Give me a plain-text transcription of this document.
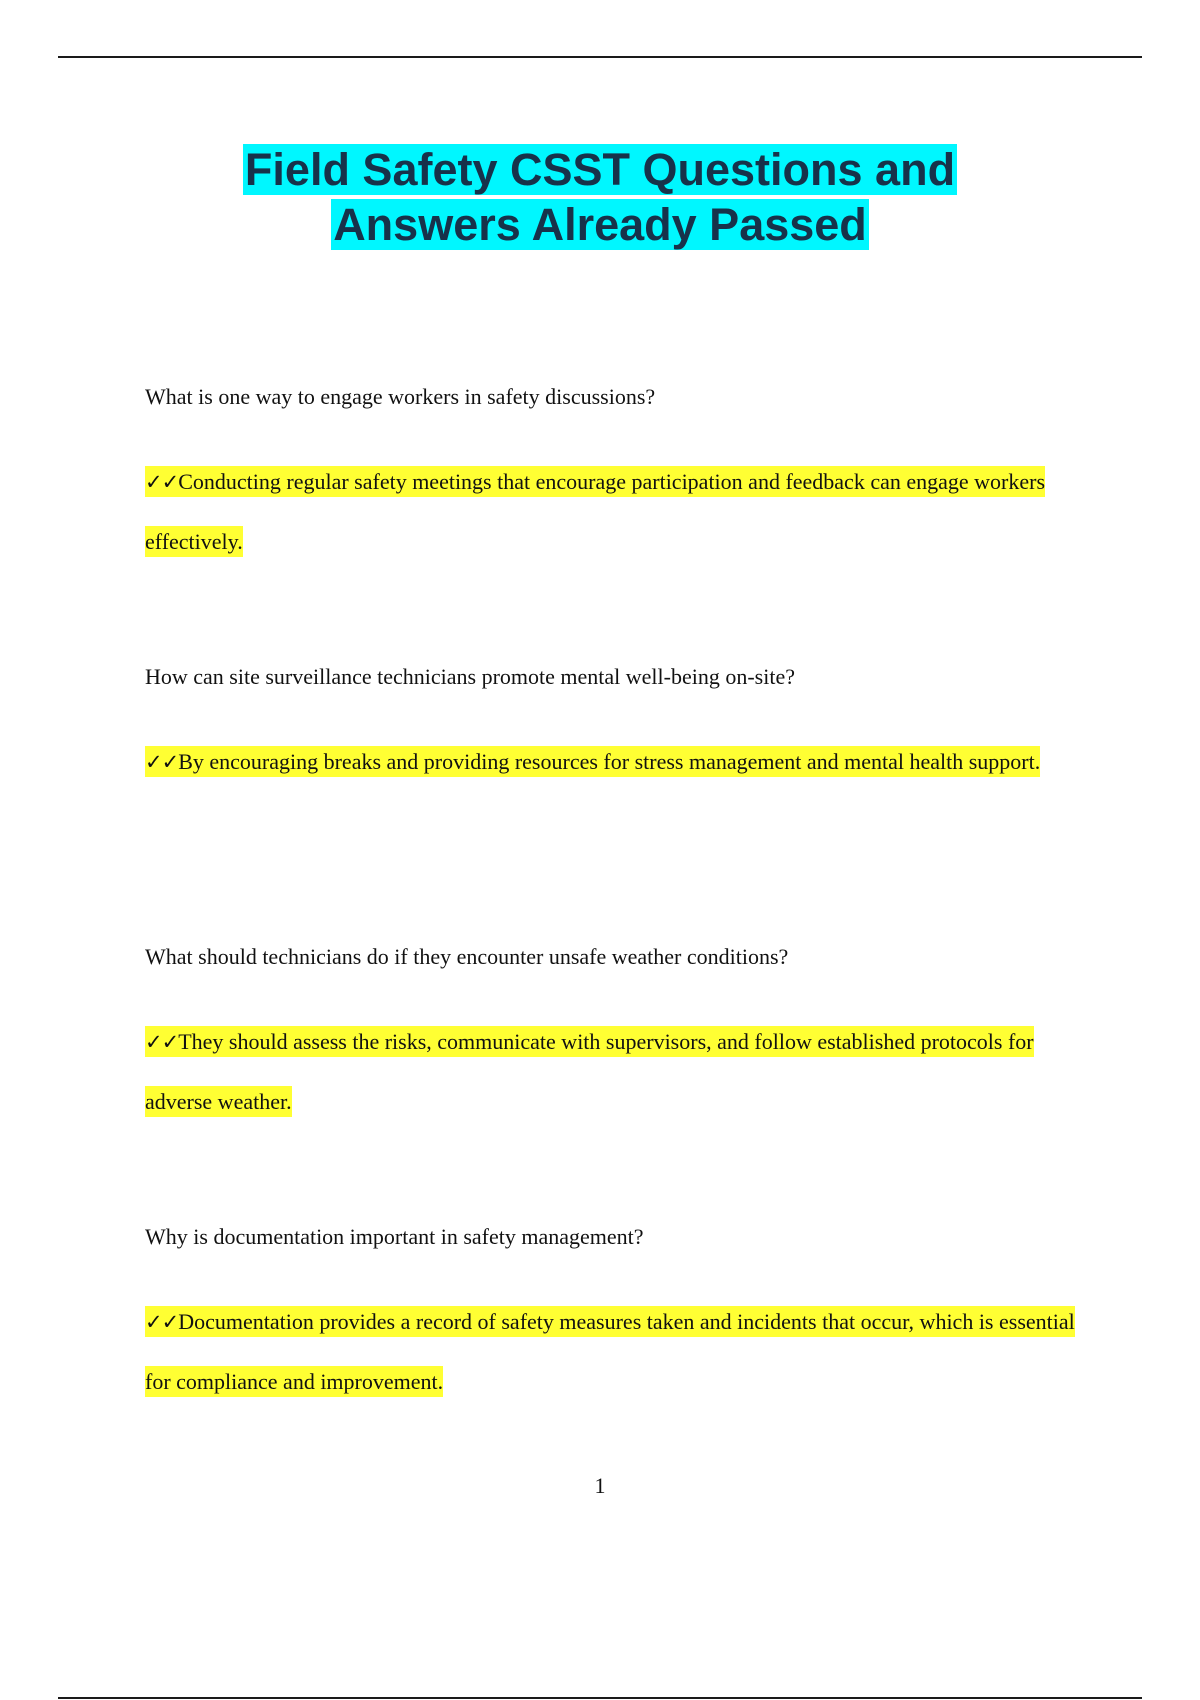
Field Safety CSST Questions and
Answers Already Passed

What is one way to engage workers in safety discussions?

✓✓Conducting regular safety meetings that encourage participation and feedback can engage workers effectively.

How can site surveillance technicians promote mental well-being on-site?

✓✓By encouraging breaks and providing resources for stress management and mental health support.

What should technicians do if they encounter unsafe weather conditions?

✓✓They should assess the risks, communicate with supervisors, and follow established protocols for adverse weather.

Why is documentation important in safety management?

✓✓Documentation provides a record of safety measures taken and incidents that occur, which is essential for compliance and improvement.

1
